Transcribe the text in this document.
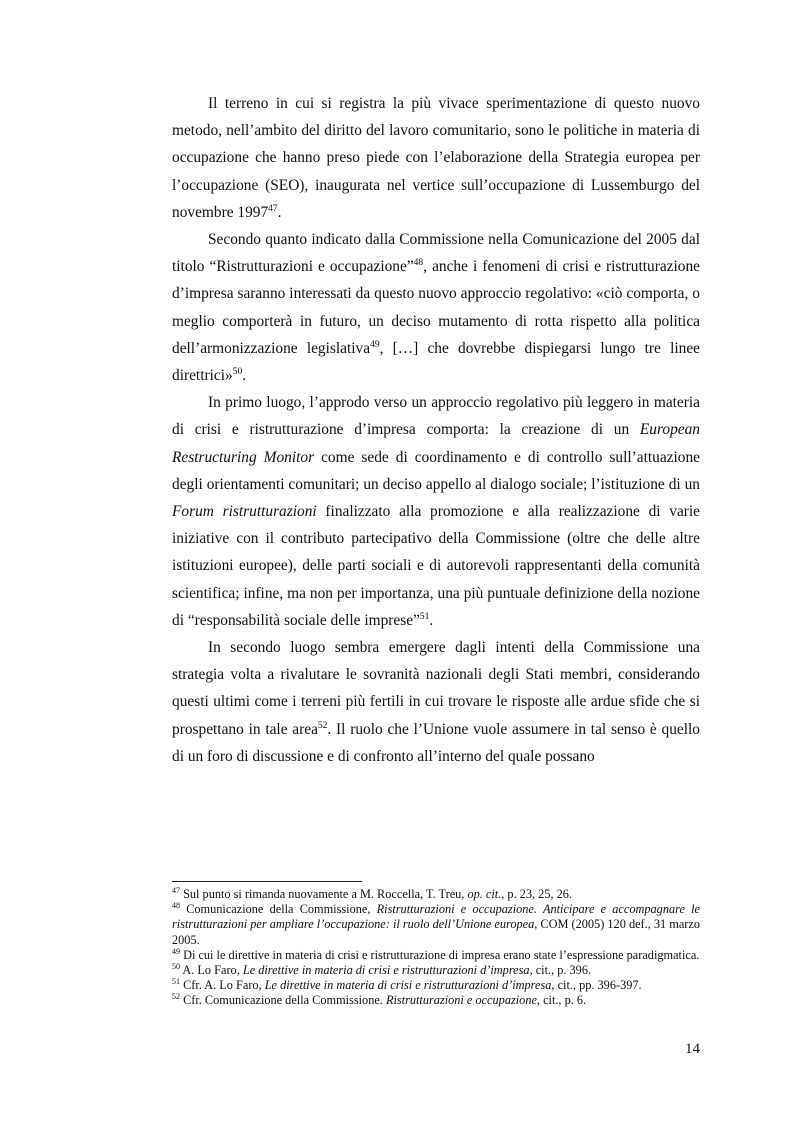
Il terreno in cui si registra la più vivace sperimentazione di questo nuovo metodo, nell’ambito del diritto del lavoro comunitario, sono le politiche in materia di occupazione che hanno preso piede con l’elaborazione della Strategia europea per l’occupazione (SEO), inaugurata nel vertice sull’occupazione di Lussemburgo del novembre 1997$^{47}$.

Secondo quanto indicato dalla Commissione nella Comunicazione del 2005 dal titolo “Ristrutturazioni e occupazione”$^{48}$, anche i fenomeni di crisi e ristrutturazione d’impresa saranno interessati da questo nuovo approccio regolativo: «ciò comporta, o meglio comporterà in futuro, un deciso mutamento di rotta rispetto alla politica dell’armonizzazione legislativa$^{49}$, […] che dovrebbe dispiegarsi lungo tre linee direttrici»$^{50}$.

In primo luogo, l’approdo verso un approccio regolativo più leggero in materia di crisi e ristrutturazione d’impresa comporta: la creazione di un European Restructuring Monitor come sede di coordinamento e di controllo sull’attuazione degli orientamenti comunitari; un deciso appello al dialogo sociale; l’istituzione di un Forum ristrutturazioni finalizzato alla promozione e alla realizzazione di varie iniziative con il contributo partecipativo della Commissione (oltre che delle altre istituzioni europee), delle parti sociali e di autorevoli rappresentanti della comunità scientifica; infine, ma non per importanza, una più puntuale definizione della nozione di “responsabilità sociale delle imprese”$^{51}$.

In secondo luogo sembra emergere dagli intenti della Commissione una strategia volta a rivalutare le sovranità nazionali degli Stati membri, considerando questi ultimi come i terreni più fertili in cui trovare le risposte alle ardue sfide che si prospettano in tale area$^{52}$. Il ruolo che l’Unione vuole assumere in tal senso è quello di un foro di discussione e di confronto all’interno del quale possano

$^{47}$ Sul punto si rimanda nuovamente a M. Roccella, T. Treu, op. cit., p. 23, 25, 26.

$^{48}$ Comunicazione della Commissione, Ristrutturazioni e occupazione. Anticipare e accompagnare le ristrutturazioni per ampliare l’occupazione: il ruolo dell’Unione europea, COM (2005) 120 def., 31 marzo 2005.

$^{49}$ Di cui le direttive in materia di crisi e ristrutturazione di impresa erano state l’espressione paradigmatica.

$^{50}$ A. Lo Faro, Le direttive in materia di crisi e ristrutturazioni d’impresa, cit., p. 396.

$^{51}$ Cfr. A. Lo Faro, Le direttive in materia di crisi e ristrutturazioni d’impresa, cit., pp. 396-397.

$^{52}$ Cfr. Comunicazione della Commissione. Ristrutturazioni e occupazione, cit., p. 6.

14
